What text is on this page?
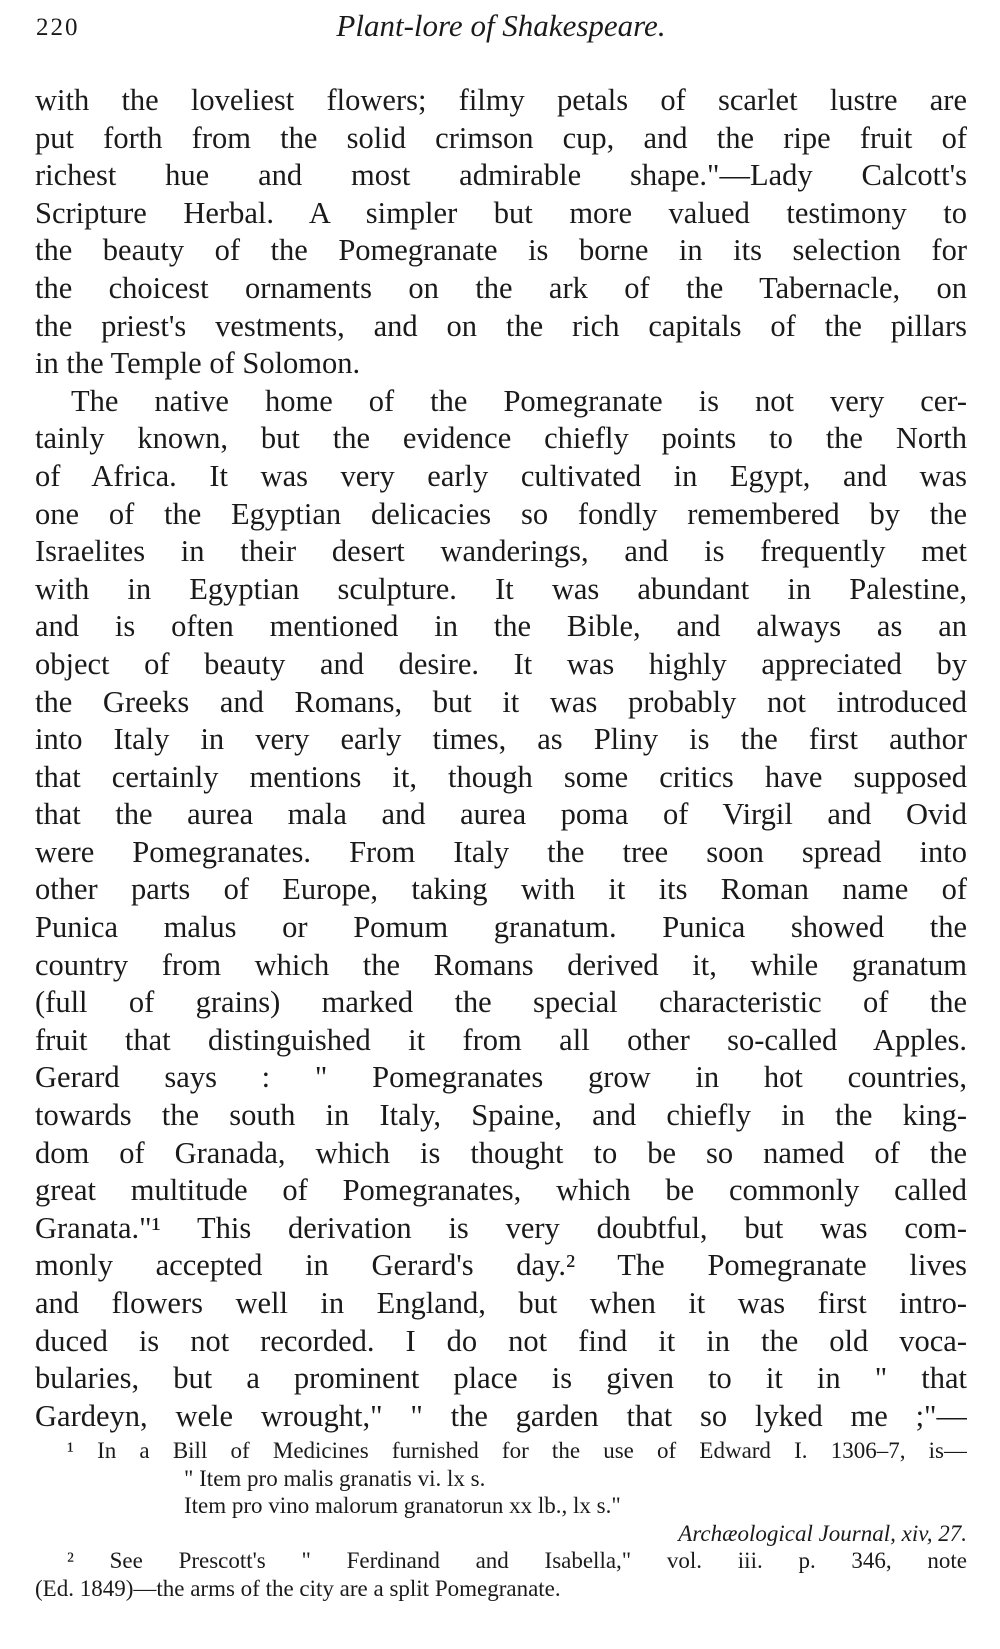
220	Plant-lore of Shakespeare.
with the loveliest flowers; filmy petals of scarlet lustre are
put forth from the solid crimson cup, and the ripe fruit of
richest hue and most admirable shape."—Lady Calcott's
Scripture Herbal. A simpler but more valued testimony to
the beauty of the Pomegranate is borne in its selection for
the choicest ornaments on the ark of the Tabernacle, on
the priest's vestments, and on the rich capitals of the pillars
in the Temple of Solomon.
The native home of the Pomegranate is not very cer-
tainly known, but the evidence chiefly points to the North
of Africa. It was very early cultivated in Egypt, and was
one of the Egyptian delicacies so fondly remembered by the
Israelites in their desert wanderings, and is frequently met
with in Egyptian sculpture. It was abundant in Palestine,
and is often mentioned in the Bible, and always as an
object of beauty and desire. It was highly appreciated by
the Greeks and Romans, but it was probably not introduced
into Italy in very early times, as Pliny is the first author
that certainly mentions it, though some critics have supposed
that the aurea mala and aurea poma of Virgil and Ovid
were Pomegranates. From Italy the tree soon spread into
other parts of Europe, taking with it its Roman name of
Punica malus or Pomum granatum. Punica showed the
country from which the Romans derived it, while granatum
(full of grains) marked the special characteristic of the
fruit that distinguished it from all other so-called Apples.
Gerard says : " Pomegranates grow in hot countries,
towards the south in Italy, Spaine, and chiefly in the king-
dom of Granada, which is thought to be so named of the
great multitude of Pomegranates, which be commonly called
Granata."¹ This derivation is very doubtful, but was com-
monly accepted in Gerard's day.² The Pomegranate lives
and flowers well in England, but when it was first intro-
duced is not recorded. I do not find it in the old voca-
bularies, but a prominent place is given to it in " that
Gardeyn, wele wrought," " the garden that so lyked me ;"—
¹ In a Bill of Medicines furnished for the use of Edward I. 1306–7, is—
" Item pro malis granatis vi. lx s.
Item pro vino malorum granatorun xx lb., lx s."
Archæological Journal, xiv, 27.
² See Prescott's " Ferdinand and Isabella," vol. iii. p. 346, note
(Ed. 1849)—the arms of the city are a split Pomegranate.
